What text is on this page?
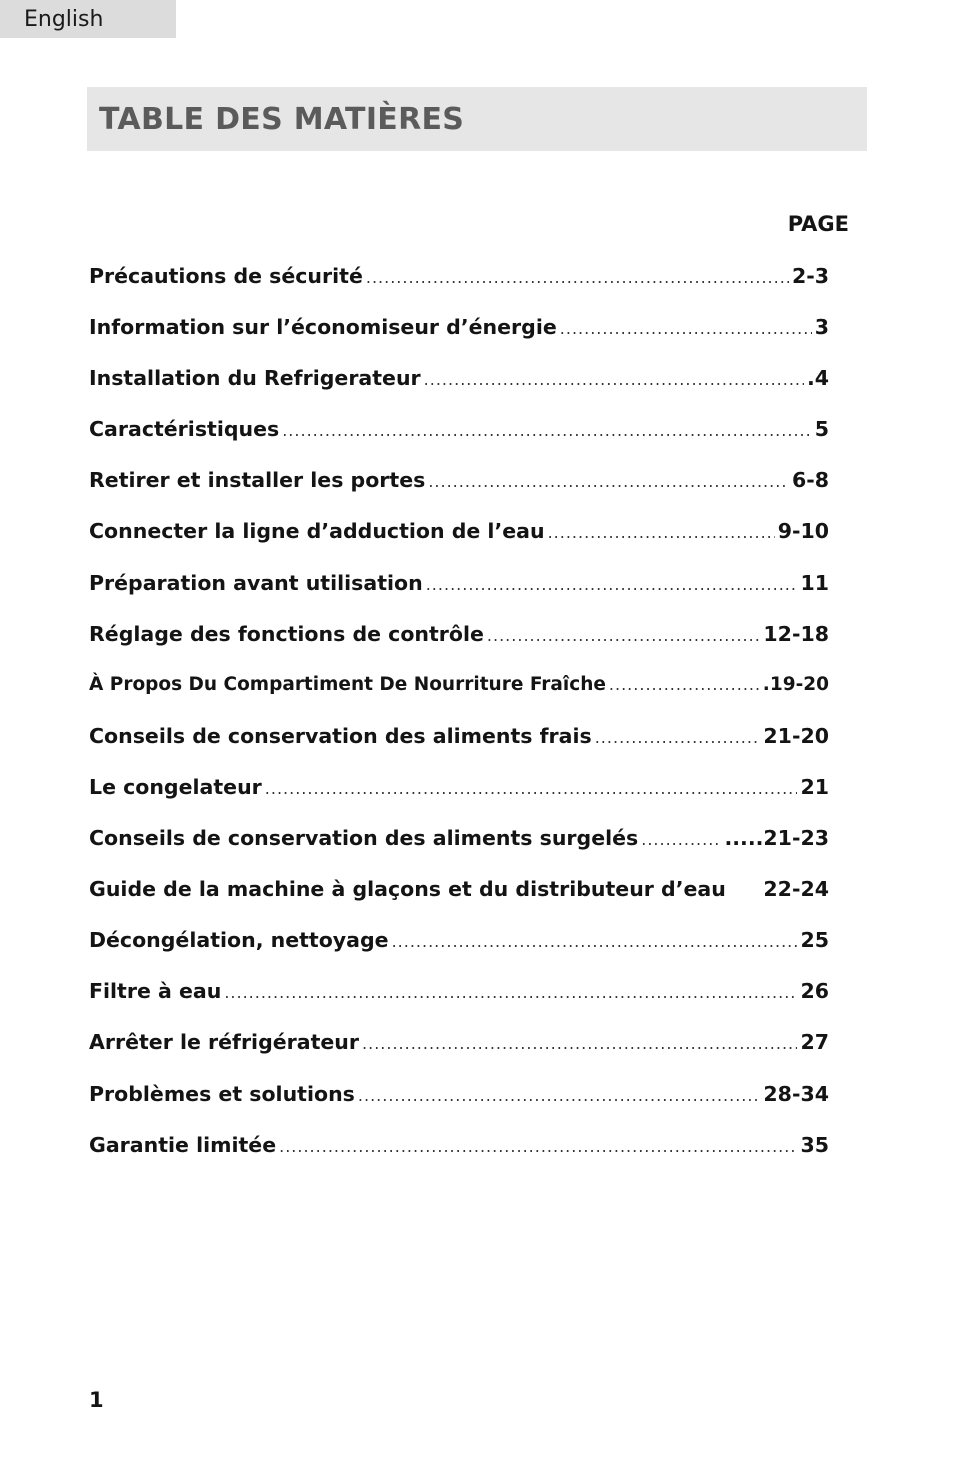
English
TABLE DES MATIÈRES
PAGE
Précautions de sécurité .....	2-3
Information sur l’économiseur d’énergie .....	3
Installation du Refrigerateur .....	.4
Caractéristiques .....	5
Retirer et installer les portes .....	6-8
Connecter la ligne d’adduction de l’eau .....	9-10
Préparation avant utilisation .....	11
Réglage des fonctions de contrôle .....	12-18
À Propos Du Compartiment De Nourriture Fraîche .....	.19-20
Conseils de conservation des aliments frais .....	21-20
Le congelateur .....	21
Conseils de conservation des aliments surgelés .....	.....21-23
Guide de la machine à glaçons et du distributeur d’eau 22-24
Décongélation, nettoyage .....	25
Filtre à eau .....	26
Arrêter le réfrigérateur .....	27
Problèmes et solutions .....	28-34
Garantie limitée .....	35
1
